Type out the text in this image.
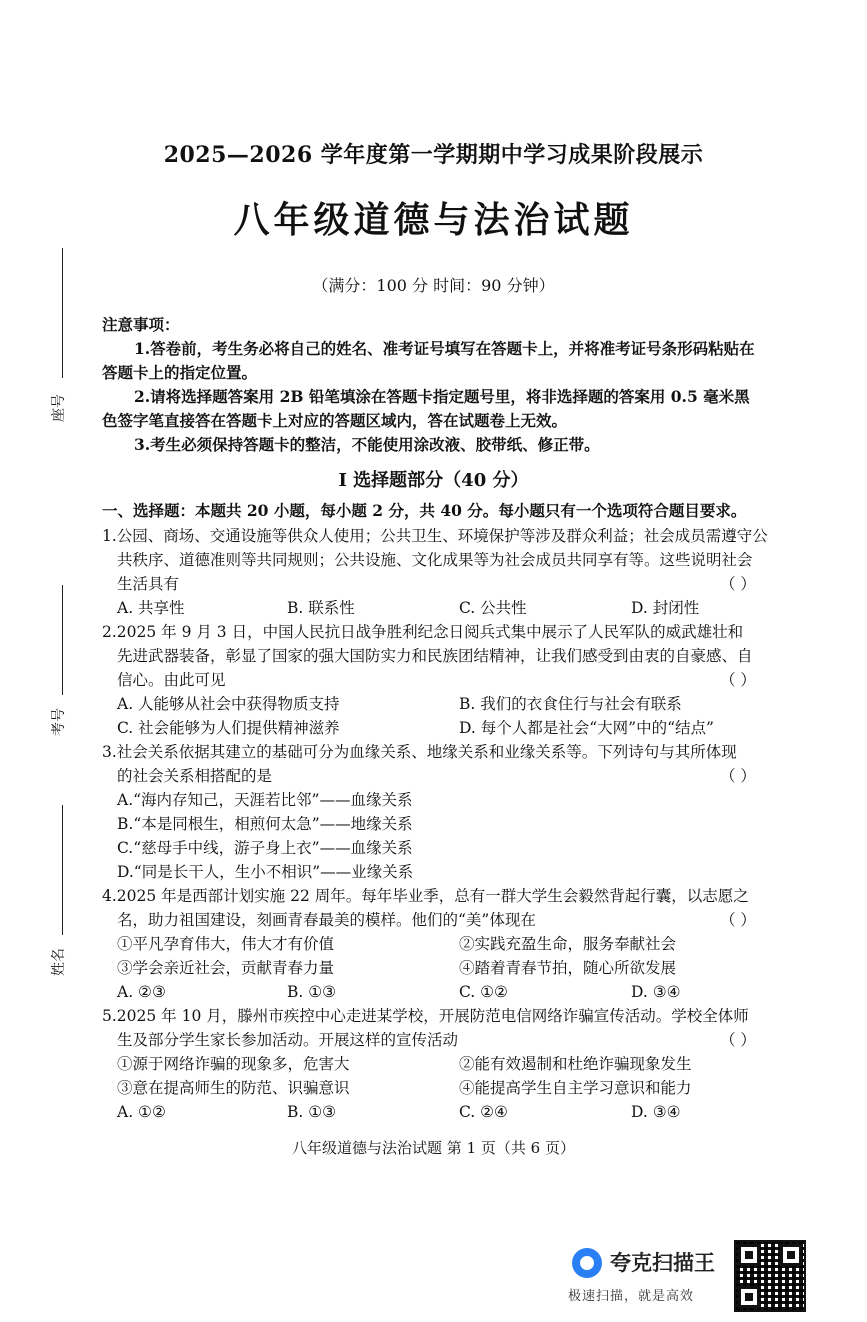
座号
考号
姓名
2025—2026 学年度第一学期期中学习成果阶段展示
八年级道德与法治试题
（满分：100 分 时间：90 分钟）
注意事项：
1.答卷前，考生务必将自己的姓名、准考证号填写在答题卡上，并将准考证号条形码粘贴在
答题卡上的指定位置。
2.请将选择题答案用 2B 铅笔填涂在答题卡指定题号里，将非选择题的答案用 0.5 毫米黑
色签字笔直接答在答题卡上对应的答题区域内，答在试题卷上无效。
3.考生必须保持答题卡的整洁，不能使用涂改液、胶带纸、修正带。
Ⅰ 选择题部分（40 分）
一、选择题：本题共 20 小题，每小题 2 分，共 40 分。每小题只有一个选项符合题目要求。
1.公园、商场、交通设施等供众人使用；公共卫生、环境保护等涉及群众利益；社会成员需遵守公
共秩序、道德准则等共同规则；公共设施、文化成果等为社会成员共同享有等。这些说明社会
生活具有	（ ）
A. 共享性	B. 联系性	C. 公共性	D. 封闭性
2.2025 年 9 月 3 日，中国人民抗日战争胜利纪念日阅兵式集中展示了人民军队的威武雄壮和
先进武器装备，彰显了国家的强大国防实力和民族团结精神，让我们感受到由衷的自豪感、自
信心。由此可见	（ ）
A. 人能够从社会中获得物质支持	B. 我们的衣食住行与社会有联系
C. 社会能够为人们提供精神滋养	D. 每个人都是社会“大网”中的“结点”
3.社会关系依据其建立的基础可分为血缘关系、地缘关系和业缘关系等。下列诗句与其所体现
的社会关系相搭配的是	（ ）
A.“海内存知己，天涯若比邻”——血缘关系
B.“本是同根生，相煎何太急”——地缘关系
C.“慈母手中线，游子身上衣”——血缘关系
D.“同是长干人，生小不相识”——业缘关系
4.2025 年是西部计划实施 22 周年。每年毕业季，总有一群大学生会毅然背起行囊，以志愿之
名，助力祖国建设，刻画青春最美的模样。他们的“美”体现在	（ ）
①平凡孕育伟大，伟大才有价值	②实践充盈生命，服务奉献社会
③学会亲近社会，贡献青春力量	④踏着青春节拍，随心所欲发展
A. ②③	B. ①③	C. ①②	D. ③④
5.2025 年 10 月，滕州市疾控中心走进某学校，开展防范电信网络诈骗宣传活动。学校全体师
生及部分学生家长参加活动。开展这样的宣传活动	（ ）
①源于网络诈骗的现象多，危害大	②能有效遏制和杜绝诈骗现象发生
③意在提高师生的防范、识骗意识	④能提高学生自主学习意识和能力
A. ①②	B. ①③	C. ②④	D. ③④
八年级道德与法治试题 第 1 页（共 6 页）
夸克扫描王
极速扫描，就是高效
